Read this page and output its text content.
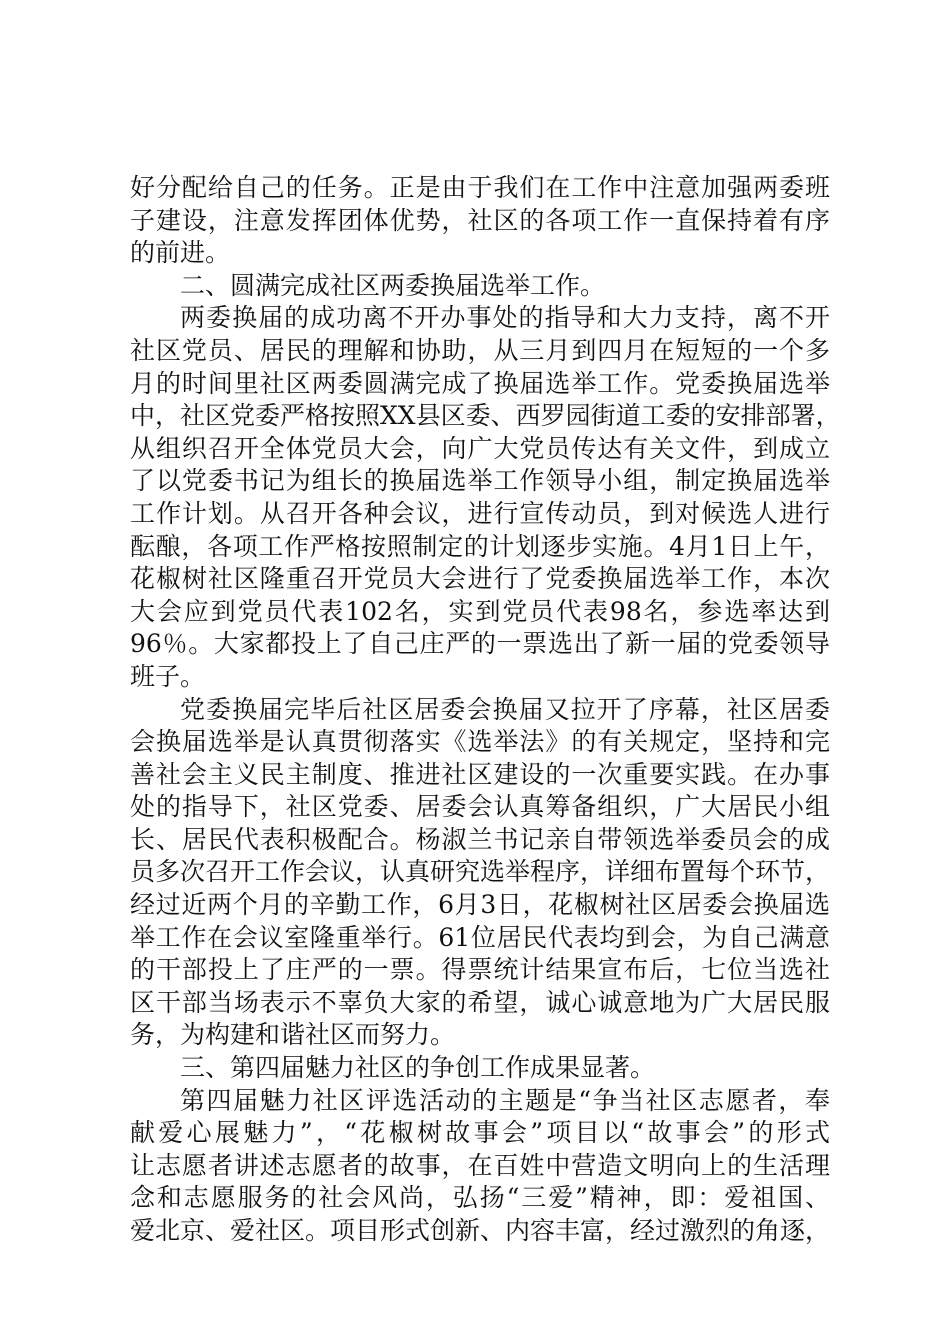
好分配给自己的任务。正是由于我们在工作中注意加强两委班
子建设，注意发挥团体优势，社区的各项工作一直保持着有序
的前进。
二、圆满完成社区两委换届选举工作。
两委换届的成功离不开办事处的指导和大力支持，离不开
社区党员、居民的理解和协助，从三月到四月在短短的一个多
月的时间里社区两委圆满完成了换届选举工作。党委换届选举
中，社区党委严格按照XX县区委、西罗园街道工委的安排部署，
从组织召开全体党员大会，向广大党员传达有关文件，到成立
了以党委书记为组长的换届选举工作领导小组，制定换届选举
工作计划。从召开各种会议，进行宣传动员，到对候选人进行
酝酿，各项工作严格按照制定的计划逐步实施。4月1日上午，
花椒树社区隆重召开党员大会进行了党委换届选举工作，本次
大会应到党员代表102名，实到党员代表98名，参选率达到
96％。大家都投上了自己庄严的一票选出了新一届的党委领导
班子。
党委换届完毕后社区居委会换届又拉开了序幕，社区居委
会换届选举是认真贯彻落实《选举法》的有关规定，坚持和完
善社会主义民主制度、推进社区建设的一次重要实践。在办事
处的指导下，社区党委、居委会认真筹备组织，广大居民小组
长、居民代表积极配合。杨淑兰书记亲自带领选举委员会的成
员多次召开工作会议，认真研究选举程序，详细布置每个环节，
经过近两个月的辛勤工作，6月3日，花椒树社区居委会换届选
举工作在会议室隆重举行。61位居民代表均到会，为自己满意
的干部投上了庄严的一票。得票统计结果宣布后，七位当选社
区干部当场表示不辜负大家的希望，诚心诚意地为广大居民服
务，为构建和谐社区而努力。
三、第四届魅力社区的争创工作成果显著。
第四届魅力社区评选活动的主题是“争当社区志愿者，奉
献爱心展魅力”，“花椒树故事会”项目以“故事会”的形式
让志愿者讲述志愿者的故事，在百姓中营造文明向上的生活理
念和志愿服务的社会风尚，弘扬“三爱”精神，即：爱祖国、
爱北京、爱社区。项目形式创新、内容丰富，经过激烈的角逐，
